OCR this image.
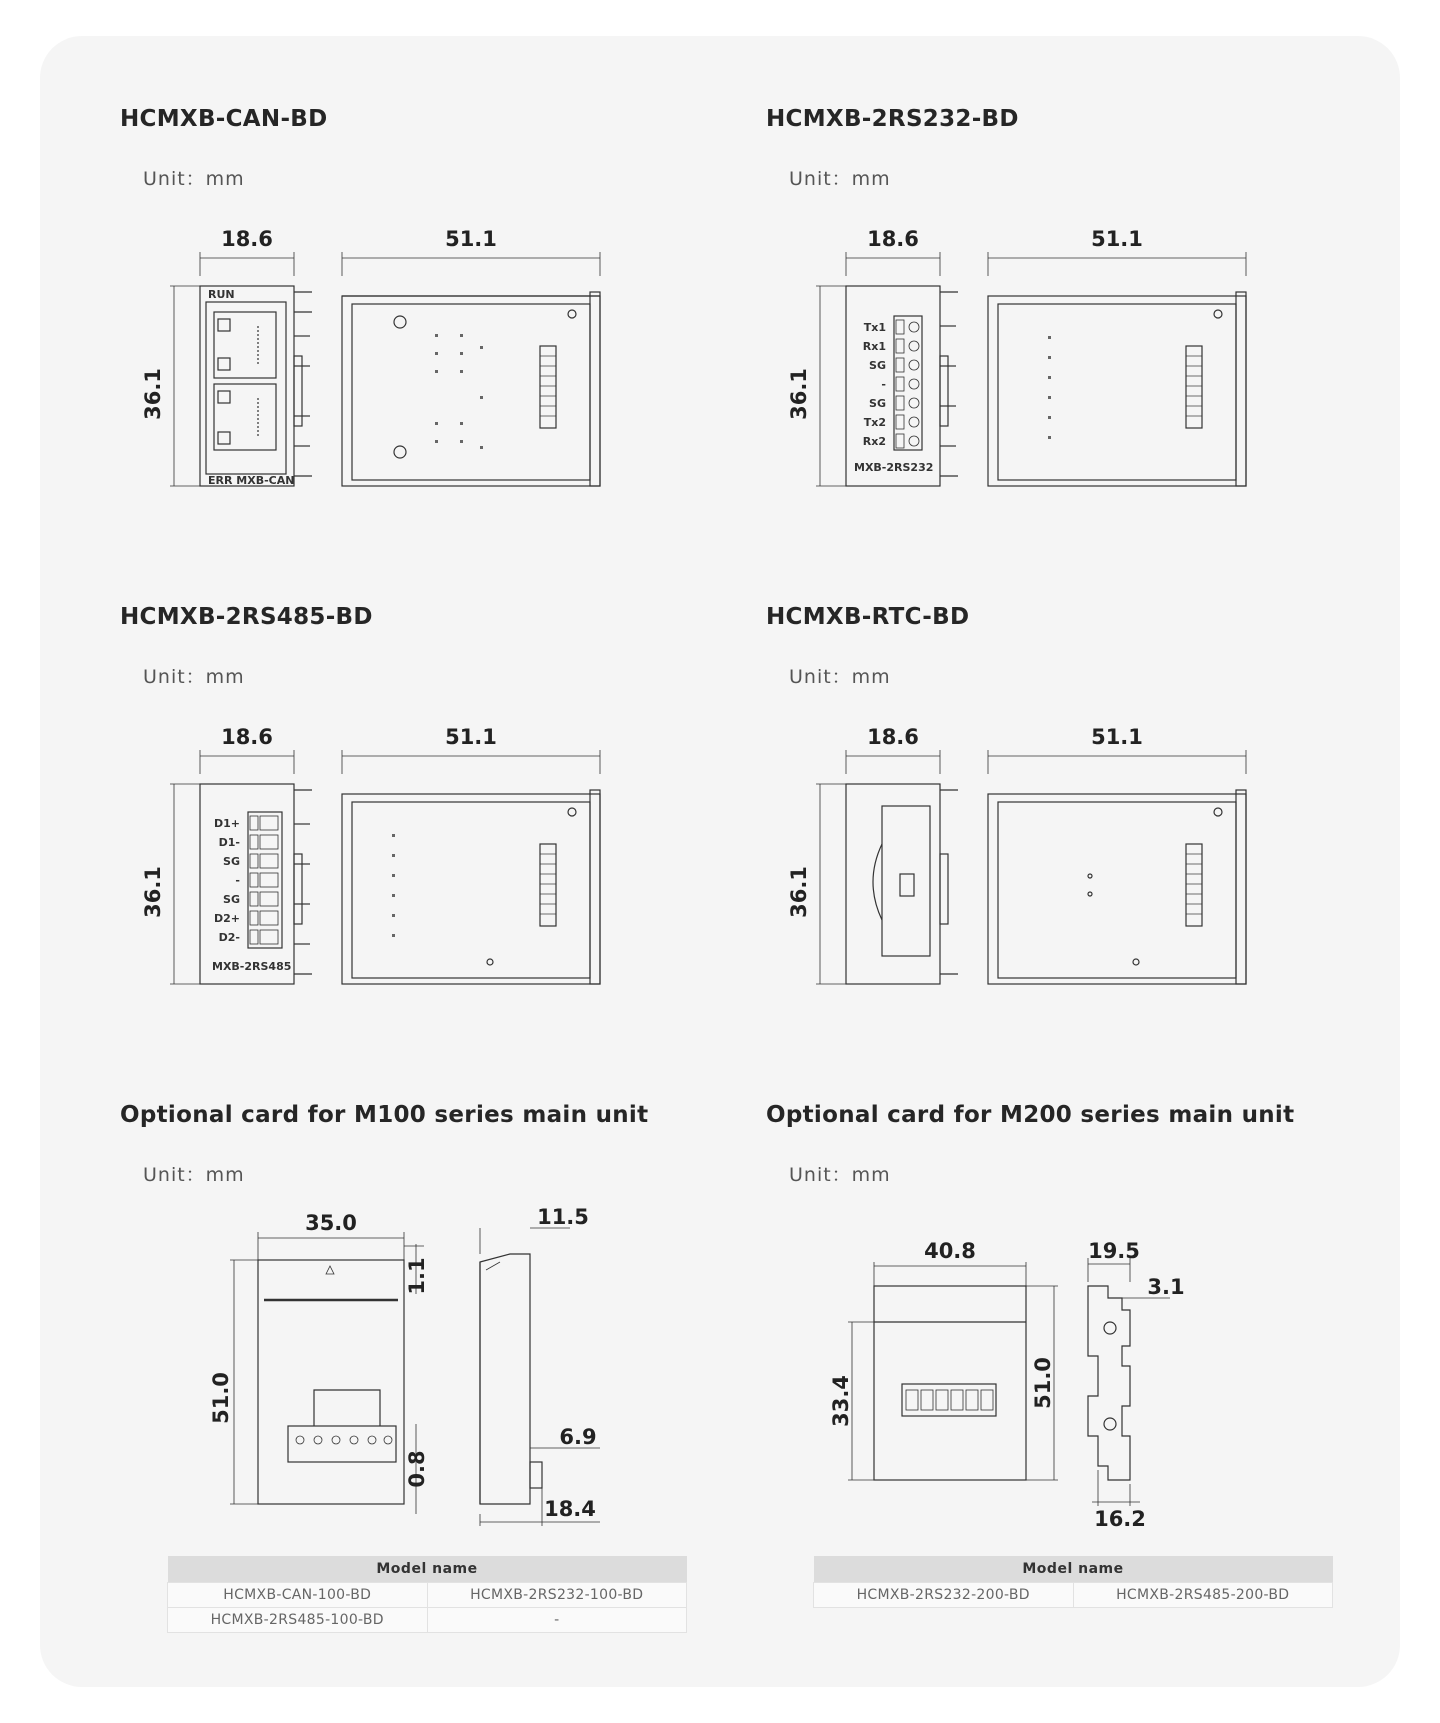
HCMXB-CAN-BD
Unit：mm
18.6	51.1
36.1
RUN
ERR MXB-CAN
HCMXB-2RS232-BD
Unit：mm
18.6	51.1
36.1
Tx1
Rx1
SG
-
SG
Tx2
Rx2
MXB-2RS232
HCMXB-2RS485-BD
Unit：mm
18.6	51.1
36.1
D1+
D1-
SG
-
SG
D2+
D2-
MXB-2RS485
HCMXB-RTC-BD
Unit：mm
18.6	51.1
36.1
Optional card for M100 series main unit
Unit：mm
35.0
51.0
1.1
0.8
11.5
6.9
18.4
Model name	
HCMXB-CAN-100-BD	HCMXB-2RS232-100-BD
HCMXB-2RS485-100-BD	-
Optional card for M200 series main unit
Unit：mm
40.8
33.4	51.0
19.5
3.1
16.2
Model name
HCMXB-2RS232-200-BD	HCMXB-2RS485-200-BD
